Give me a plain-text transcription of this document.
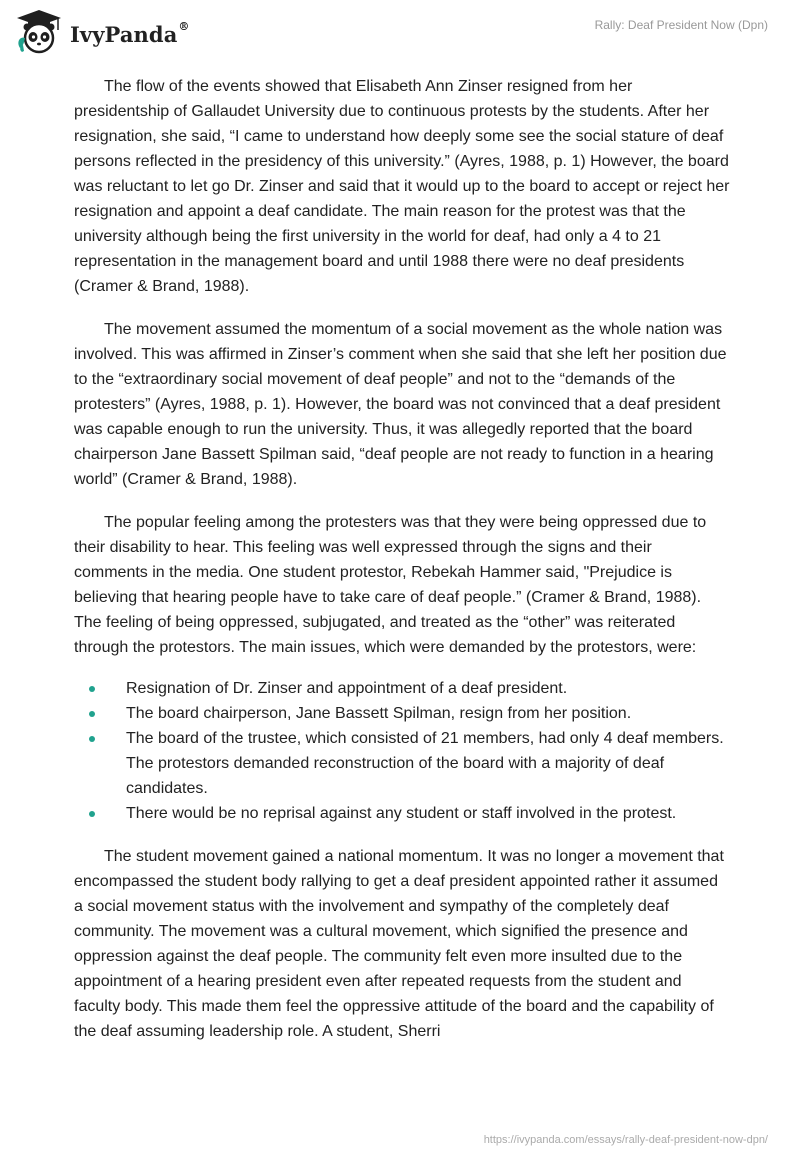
IvyPanda®	Rally: Deaf President Now (Dpn)

The flow of the events showed that Elisabeth Ann Zinser resigned from her presidentship of Gallaudet University due to continuous protests by the students. After her resignation, she said, “I came to understand how deeply some see the social stature of deaf persons reflected in the presidency of this university.” (Ayres, 1988, p. 1) However, the board was reluctant to let go Dr. Zinser and said that it would up to the board to accept or reject her resignation and appoint a deaf candidate. The main reason for the protest was that the university although being the first university in the world for deaf, had only a 4 to 21 representation in the management board and until 1988 there were no deaf presidents (Cramer & Brand, 1988).

The movement assumed the momentum of a social movement as the whole nation was involved. This was affirmed in Zinser’s comment when she said that she left her position due to the “extraordinary social movement of deaf people” and not to the “demands of the protesters” (Ayres, 1988, p. 1). However, the board was not convinced that a deaf president was capable enough to run the university. Thus, it was allegedly reported that the board chairperson Jane Bassett Spilman said, “deaf people are not ready to function in a hearing world” (Cramer & Brand, 1988).

The popular feeling among the protesters was that they were being oppressed due to their disability to hear. This feeling was well expressed through the signs and their comments in the media. One student protestor, Rebekah Hammer said, "Prejudice is believing that hearing people have to take care of deaf people.” (Cramer & Brand, 1988). The feeling of being oppressed, subjugated, and treated as the “other” was reiterated through the protestors. The main issues, which were demanded by the protestors, were:

Resignation of Dr. Zinser and appointment of a deaf president.
The board chairperson, Jane Bassett Spilman, resign from her position.
The board of the trustee, which consisted of 21 members, had only 4 deaf members. The protestors demanded reconstruction of the board with a majority of deaf candidates.
There would be no reprisal against any student or staff involved in the protest.

The student movement gained a national momentum. It was no longer a movement that encompassed the student body rallying to get a deaf president appointed rather it assumed a social movement status with the involvement and sympathy of the completely deaf community. The movement was a cultural movement, which signified the presence and oppression against the deaf people. The community felt even more insulted due to the appointment of a hearing president even after repeated requests from the student and faculty body. This made them feel the oppressive attitude of the board and the capability of the deaf assuming leadership role. A student, Sherri

https://ivypanda.com/essays/rally-deaf-president-now-dpn/
